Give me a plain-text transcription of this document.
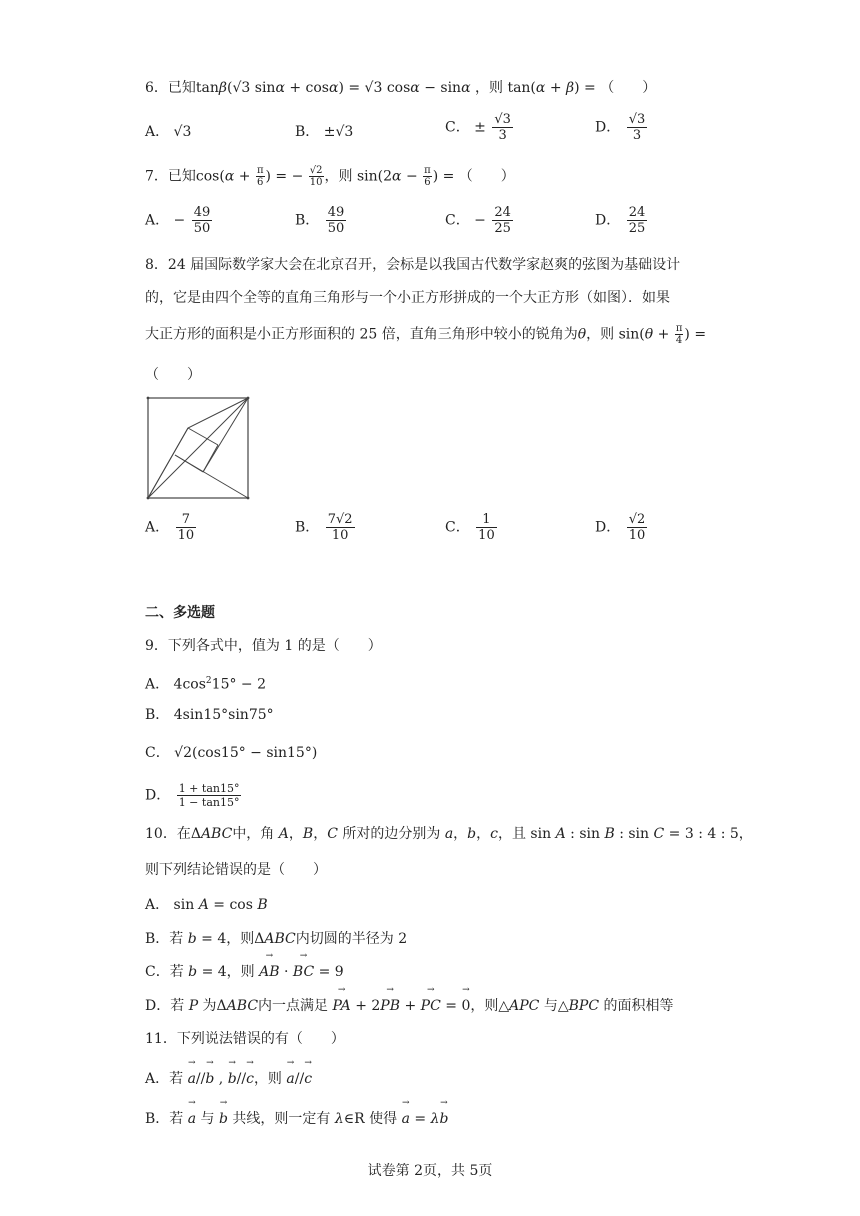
6．已知tanβ(√3 sinα + cosα) = √3 cosα − sinα ，则 tan(α + β) = （　　）
A． √3	B． ±√3	C． ± $\frac{√3}{3}$	D． $\frac{√3}{3}$
7．已知$\cos(\alpha + \frac{\pi}{6}$ ) = − $\frac{√2}{10}$ ，则 $\sin(2\alpha - \frac{\pi}{6}$ ) = （　　）
A． − $\frac{49}{50}$	B． $\frac{49}{50}$	C． − $\frac{24}{25}$	D． $\frac{24}{25}$
8．24 届国际数学家大会在北京召开，会标是以我国古代数学家赵爽的弦图为基础设计
的，它是由四个全等的直角三角形与一个小正方形拼成的一个大正方形（如图）．如果
大正方形的面积是小正方形面积的 25 倍，直角三角形中较小的锐角为θ，则 $\sin(\theta + \frac{\pi}{4}$ ) =
（　　）
A． $\frac{7}{10}$	B． $\frac{7√2}{10}$	C． $\frac{1}{10}$	D． $\frac{√2}{10}$
二、多选题
9．下列各式中，值为 1 的是（　　）
A． $4\cos^215^\circ - 2$
B． 4sin15°sin75°
C． √2(cos15° − sin15°)
D． $\frac{1 + \tan 15^\circ}{1 - \tan 15^\circ}$
10．在ΔABC中，角 A，B，C 所对的边分别为 a，b，c，且 sin A : sin B : sin C = 3 : 4 : 5，
则下列结论错误的是（　　）
A． sin A = cos B
B．若 b = 4，则ΔABC内切圆的半径为 2
C．若 b = 4，则 → AB · → BC = 9
D．若 P 为ΔABC内一点满足 → PA + 2→ PB + → PC = → 0，则△APC 与△BPC 的面积相等
11．下列说法错误的有（　　）
A．若 → a//→ b , → b//→ c，则 → a//→ c
B．若 → a 与 → b 共线，则一定有 λ∈R 使得 → a = λ→ b
试卷第 2页，共 5页
